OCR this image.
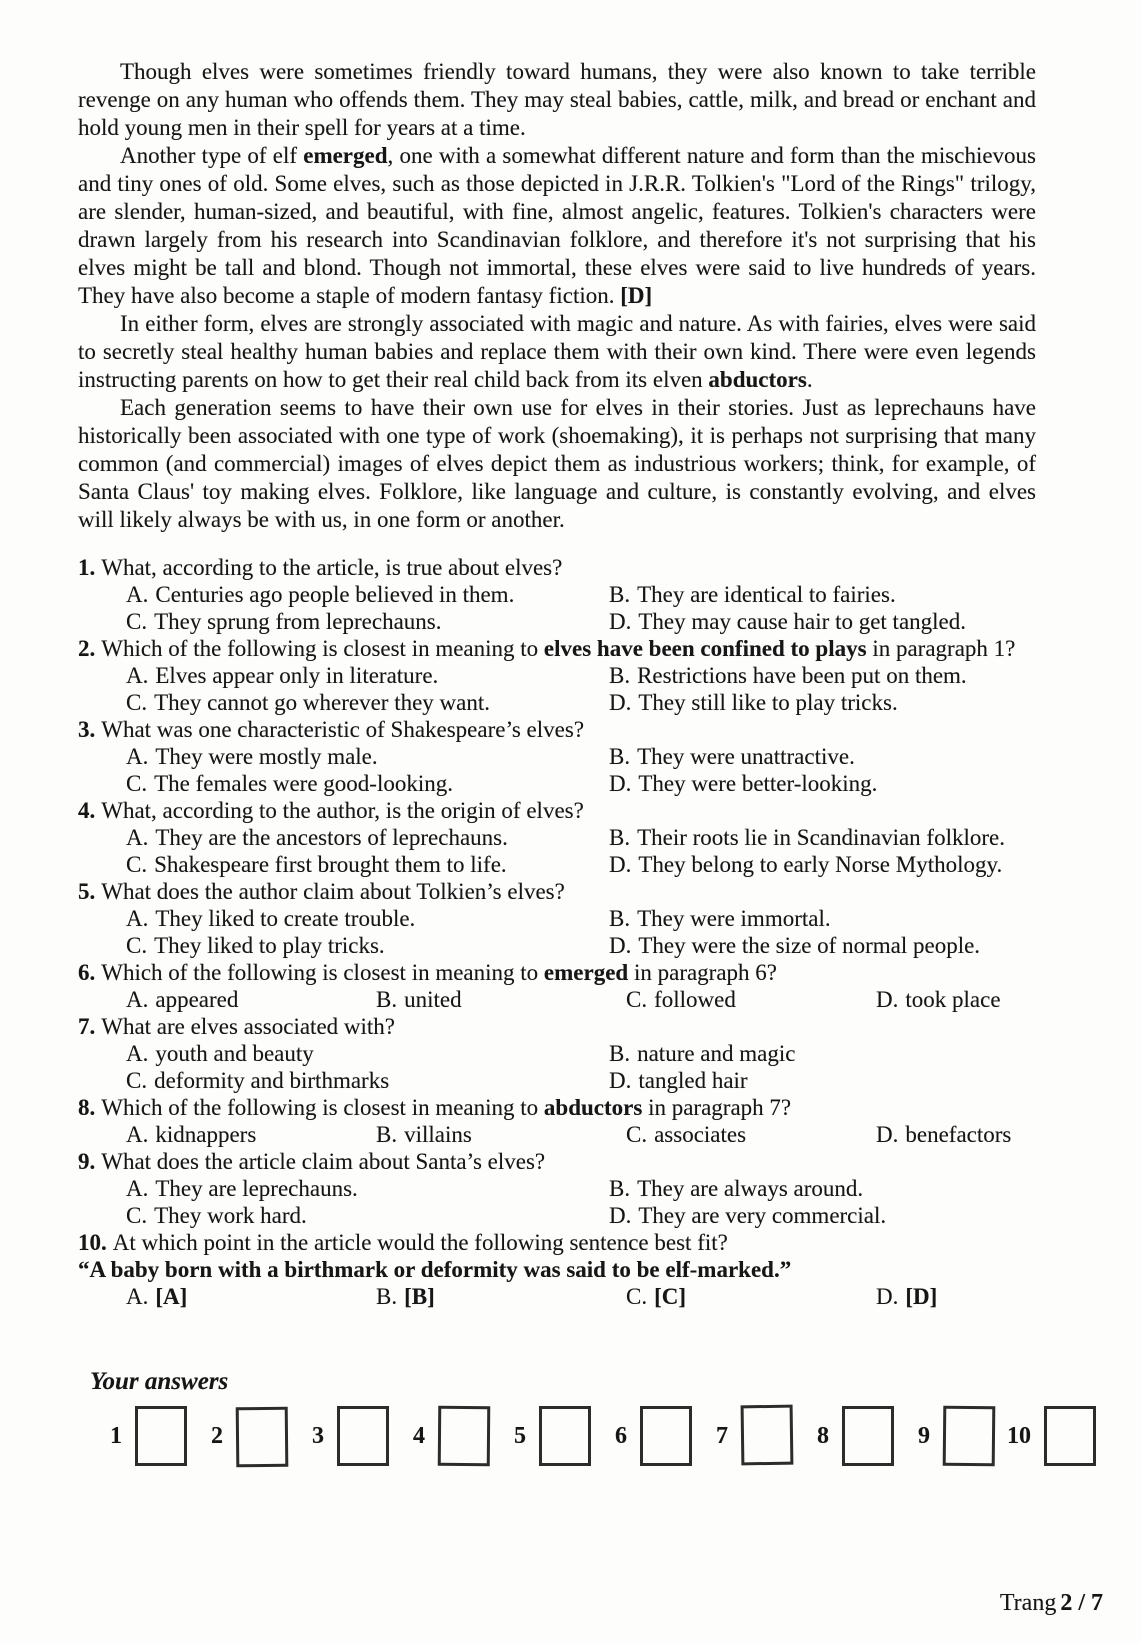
Though elves were sometimes friendly toward humans, they were also known to take terrible revenge on any human who offends them. They may steal babies, cattle, milk, and bread or enchant and hold young men in their spell for years at a time.

Another type of elf emerged, one with a somewhat different nature and form than the mischievous and tiny ones of old. Some elves, such as those depicted in J.R.R. Tolkien's "Lord of the Rings" trilogy, are slender, human-sized, and beautiful, with fine, almost angelic, features. Tolkien's characters were drawn largely from his research into Scandinavian folklore, and therefore it's not surprising that his elves might be tall and blond. Though not immortal, these elves were said to live hundreds of years. They have also become a staple of modern fantasy fiction. [D]

In either form, elves are strongly associated with magic and nature. As with fairies, elves were said to secretly steal healthy human babies and replace them with their own kind. There were even legends instructing parents on how to get their real child back from its elven abductors.

Each generation seems to have their own use for elves in their stories. Just as leprechauns have historically been associated with one type of work (shoemaking), it is perhaps not surprising that many common (and commercial) images of elves depict them as industrious workers; think, for example, of Santa Claus' toy making elves. Folklore, like language and culture, is constantly evolving, and elves will likely always be with us, in one form or another.

1. What, according to the article, is true about elves?
A. Centuries ago people believed in them.	B. They are identical to fairies.
C. They sprung from leprechauns.	D. They may cause hair to get tangled.
2. Which of the following is closest in meaning to elves have been confined to plays in paragraph 1?
A. Elves appear only in literature.	B. Restrictions have been put on them.
C. They cannot go wherever they want.	D. They still like to play tricks.
3. What was one characteristic of Shakespeare’s elves?
A. They were mostly male.	B. They were unattractive.
C. The females were good-looking.	D. They were better-looking.
4. What, according to the author, is the origin of elves?
A. They are the ancestors of leprechauns.	B. Their roots lie in Scandinavian folklore.
C. Shakespeare first brought them to life.	D. They belong to early Norse Mythology.
5. What does the author claim about Tolkien’s elves?
A. They liked to create trouble.	B. They were immortal.
C. They liked to play tricks.	D. They were the size of normal people.
6. Which of the following is closest in meaning to emerged in paragraph 6?
A. appeared	B. united	C. followed	D. took place
7. What are elves associated with?
A. youth and beauty	B. nature and magic
C. deformity and birthmarks	D. tangled hair
8. Which of the following is closest in meaning to abductors in paragraph 7?
A. kidnappers	B. villains	C. associates	D. benefactors
9. What does the article claim about Santa’s elves?
A. They are leprechauns.	B. They are always around.
C. They work hard.	D. They are very commercial.
10. At which point in the article would the following sentence best fit?
“A baby born with a birthmark or deformity was said to be elf-marked.”
A. [A]	B. [B]	C. [C]	D. [D]
Your answers
1	2	3	4	5	6	7	8	9	10
Trang 2 / 7
